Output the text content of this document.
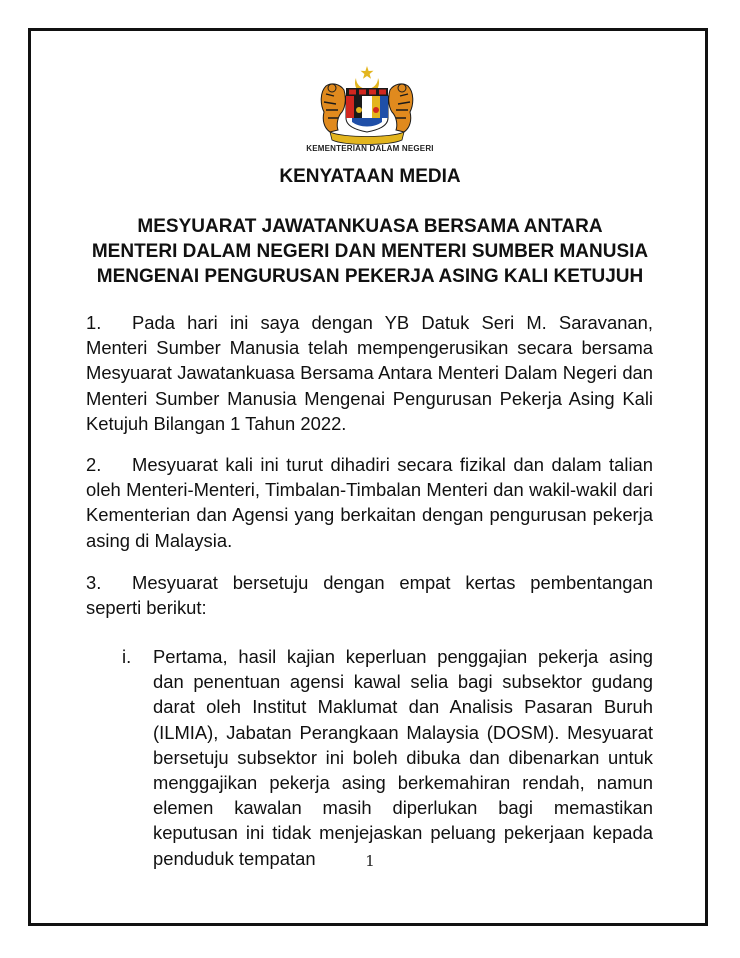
KEMENTERIAN DALAM NEGERI
KENYATAAN MEDIA
MESYUARAT JAWATANKUASA BERSAMA ANTARA
MENTERI DALAM NEGERI DAN MENTERI SUMBER MANUSIA
MENGENAI PENGURUSAN PEKERJA ASING KALI KETUJUH
1. Pada hari ini saya dengan YB Datuk Seri M. Saravanan, Menteri Sumber Manusia telah mempengerusikan secara bersama Mesyuarat Jawatankuasa Bersama Antara Menteri Dalam Negeri dan Menteri Sumber Manusia Mengenai Pengurusan Pekerja Asing Kali Ketujuh Bilangan 1 Tahun 2022.
2. Mesyuarat kali ini turut dihadiri secara fizikal dan dalam talian oleh Menteri-Menteri, Timbalan-Timbalan Menteri dan wakil-wakil dari Kementerian dan Agensi yang berkaitan dengan pengurusan pekerja asing di Malaysia.
3. Mesyuarat bersetuju dengan empat kertas pembentangan seperti berikut:
i. Pertama, hasil kajian keperluan penggajian pekerja asing dan penentuan agensi kawal selia bagi subsektor gudang darat oleh Institut Maklumat dan Analisis Pasaran Buruh (ILMIA), Jabatan Perangkaan Malaysia (DOSM). Mesyuarat bersetuju subsektor ini boleh dibuka dan dibenarkan untuk menggajikan pekerja asing berkemahiran rendah, namun elemen kawalan masih diperlukan bagi memastikan keputusan ini tidak menjejaskan peluang pekerjaan kepada penduduk tempatan	1
